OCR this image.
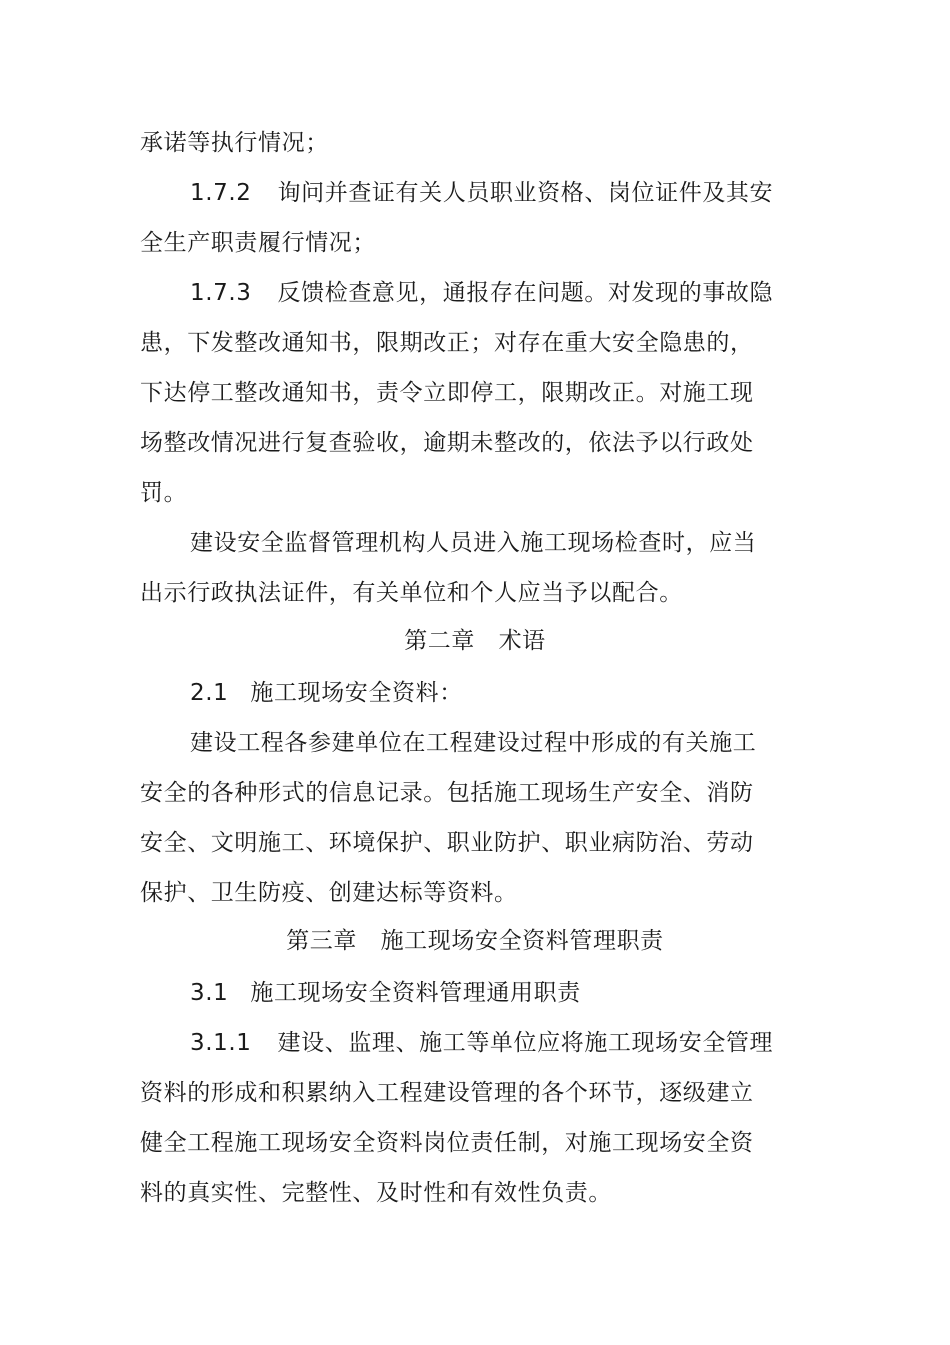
承诺等执行情况；
1.7.2 询问并查证有关人员职业资格、岗位证件及其安
全生产职责履行情况；
1.7.3 反馈检查意见，通报存在问题。对发现的事故隐
患，下发整改通知书，限期改正；对存在重大安全隐患的，
下达停工整改通知书，责令立即停工，限期改正。对施工现
场整改情况进行复查验收，逾期未整改的，依法予以行政处
罚。
建设安全监督管理机构人员进入施工现场检查时，应当
出示行政执法证件，有关单位和个人应当予以配合。
第二章　术语
2.1 施工现场安全资料：
建设工程各参建单位在工程建设过程中形成的有关施工
安全的各种形式的信息记录。包括施工现场生产安全、消防
安全、文明施工、环境保护、职业防护、职业病防治、劳动
保护、卫生防疫、创建达标等资料。
第三章　施工现场安全资料管理职责
3.1 施工现场安全资料管理通用职责
3.1.1 建设、监理、施工等单位应将施工现场安全管理
资料的形成和积累纳入工程建设管理的各个环节，逐级建立
健全工程施工现场安全资料岗位责任制，对施工现场安全资
料的真实性、完整性、及时性和有效性负责。
